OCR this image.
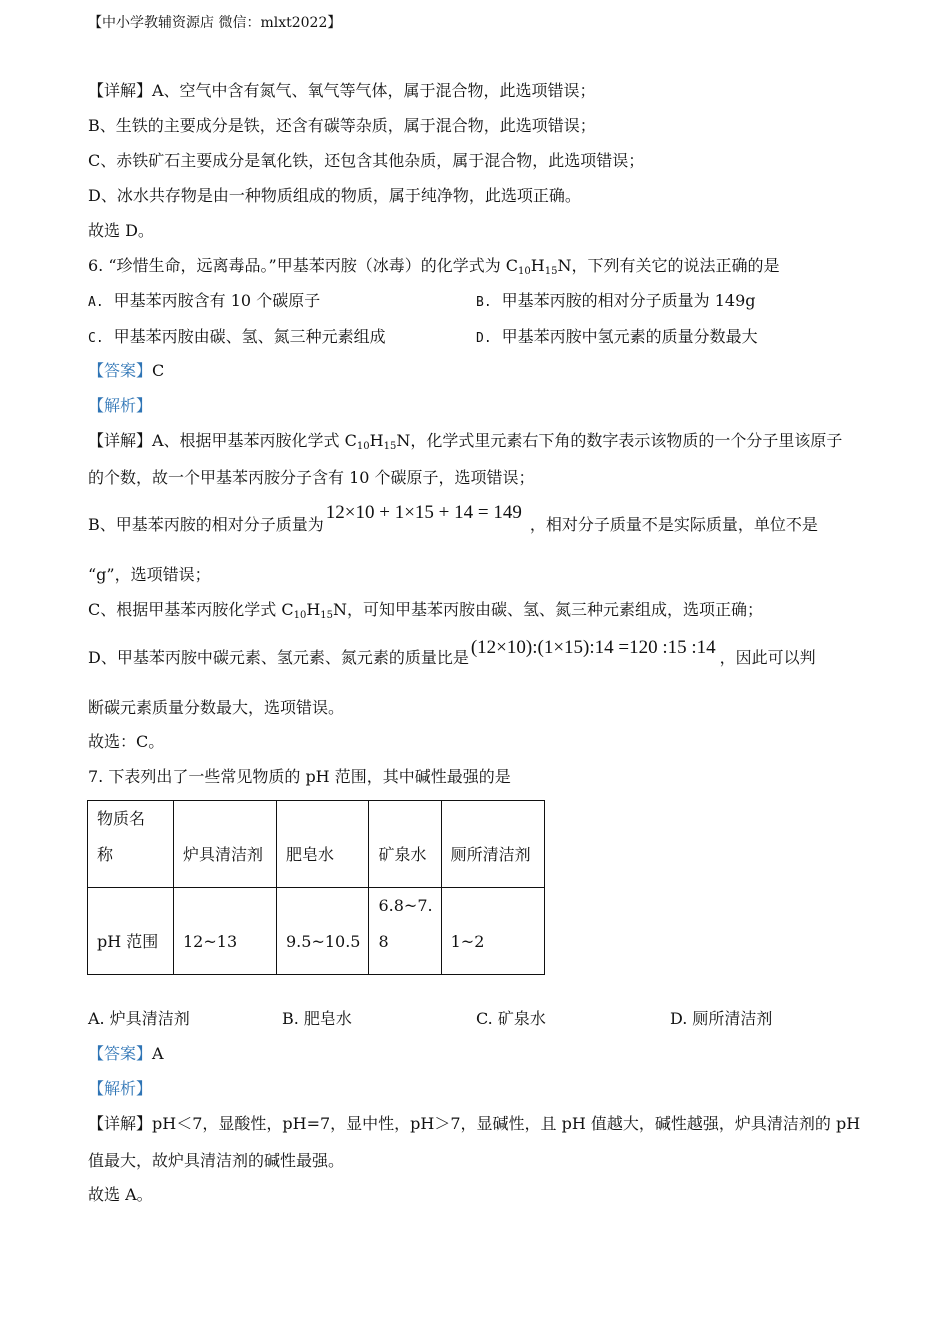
【中小学教辅资源店 微信：mlxt2022】
【详解】A、空气中含有氮气、氧气等气体，属于混合物，此选项错误；
B、生铁的主要成分是铁，还含有碳等杂质，属于混合物，此选项错误；
C、赤铁矿石主要成分是氧化铁，还包含其他杂质，属于混合物，此选项错误；
D、冰水共存物是由一种物质组成的物质，属于纯净物，此选项正确。
故选 D。
6. “珍惜生命，远离毒品。”甲基苯丙胺（冰毒）的化学式为 $C_{10}H_{15}N$，下列有关它的说法正确的是
A. 甲基苯丙胺含有 10 个碳原子	B. 甲基苯丙胺的相对分子质量为 149g
C. 甲基苯丙胺由碳、氢、氮三种元素组成	D. 甲基苯丙胺中氢元素的质量分数最大
【答案】C
【解析】
【详解】A、根据甲基苯丙胺化学式 $C_{10}H_{15}N$，化学式里元素右下角的数字表示该物质的一个分子里该原子
的个数，故一个甲基苯丙胺分子含有 10 个碳原子，选项错误；
B、甲基苯丙胺的相对分子质量为12×10 + 1×15 + 14 = 149，相对分子质量不是实际质量，单位不是
“g”，选项错误；
C、根据甲基苯丙胺化学式 $C_{10}H_{15}N$，可知甲基苯丙胺由碳、氢、氮三种元素组成，选项正确；
D、甲基苯丙胺中碳元素、氢元素、氮元素的质量比是 (12×10):(1×15):14 =120 :15 :14 ，因此可以判
断碳元素质量分数最大，选项错误。
故选：C。
7. 下表列出了一些常见物质的 pH 范围，其中碱性最强的是
物质名
称	炉具清洁剂	肥皂水	矿泉水	厕所清洁剂
pH 范围	12~13	9.5~10.5	6.8~7.
8	1~2
A. 炉具清洁剂	B. 肥皂水	C. 矿泉水	D. 厕所清洁剂
【答案】A
【解析】
【详解】pH＜7，显酸性，pH=7，显中性，pH＞7，显碱性，且 pH 值越大，碱性越强，炉具清洁剂的 pH
值最大，故炉具清洁剂的碱性最强。
故选 A。
